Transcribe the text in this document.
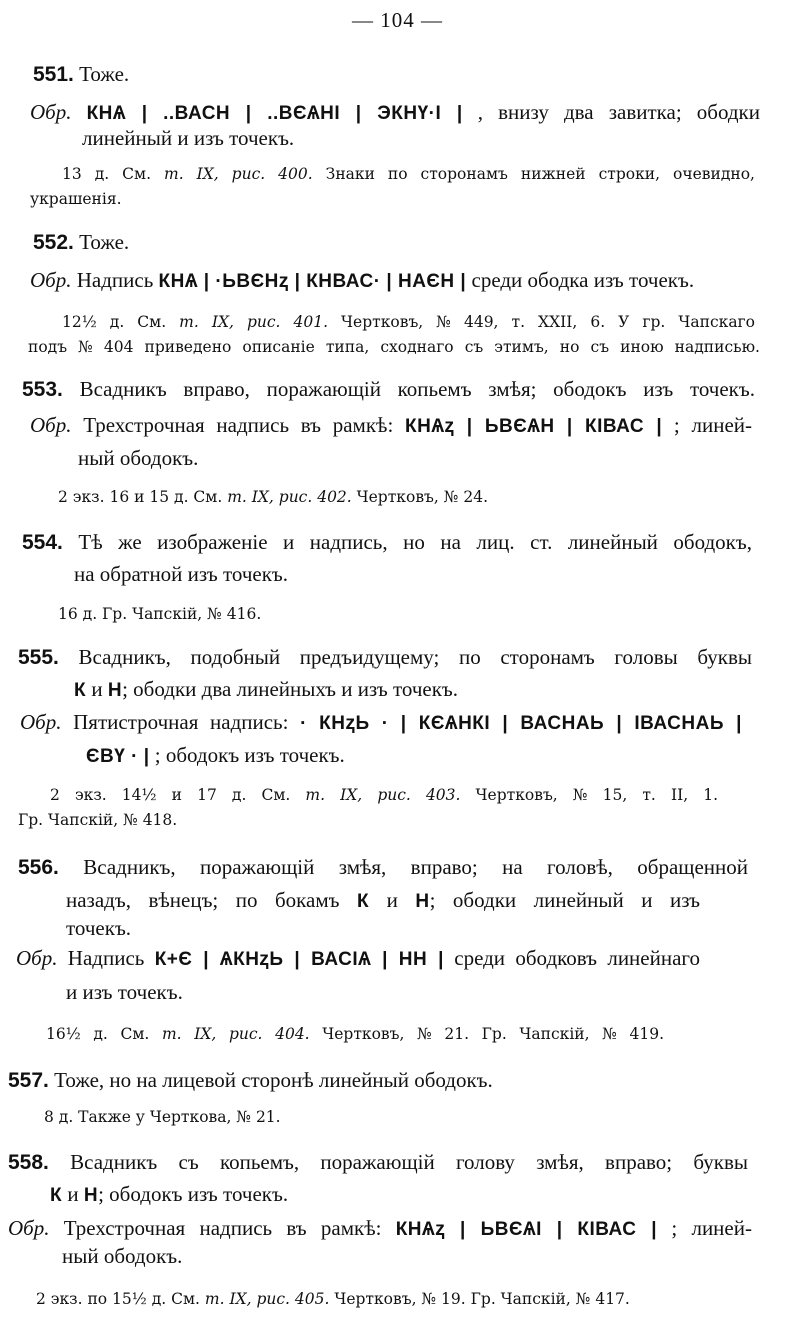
— 104 —
551. Тоже.
Обр. КНѦ | ..ВАСН | ..ВЄѦНІ | ЭКНҮ·І | , внизу два завитка; ободки
линейный и изъ точекъ.
13 д. См. т. IX, рис. 400. Знаки по сторонамъ нижней строки, очевидно,
украшенія.
552. Тоже.
Обр. Надпись КНѦ | ·ЬВЄНⱬ | КНВАС· | НАЄН | среди ободка изъ точекъ.
12½ д. См. т. IX, рис. 401. Чертковъ, № 449, т. XXII, 6. У гр. Чапскаго
подъ № 404 приведено описаніе типа, сходнаго съ этимъ, но съ иною надписью.
553. Всадникъ вправо, поражающій копьемъ змѣя; ободокъ изъ точекъ.
Обр. Трехстрочная надпись въ рамкѣ: КНѦⱬ | ЬВЄѦН | КІВАС | ; линей-
ный ободокъ.
2 экз. 16 и 15 д. См. т. IX, рис. 402. Чертковъ, № 24.
554. Тѣ же изображеніе и надпись, но на лиц. ст. линейный ободокъ,
на обратной изъ точекъ.
16 д. Гр. Чапскій, № 416.
555. Всадникъ, подобный предъидущему; по сторонамъ головы буквы
К и Н; ободки два линейныхъ и изъ точекъ.
Обр. Пятистрочная надпись: · КНⱬЬ · | КЄѦНКІ | ВАСНАЬ | ІВАСНАЬ |
ЄВҮ · | ; ободокъ изъ точекъ.
2 экз. 14½ и 17 д. См. т. IX, рис. 403. Чертковъ, № 15, т. II, 1.
Гр. Чапскій, № 418.
556. Всадникъ, поражающій змѣя, вправо; на головѣ, обращенной
назадъ, вѣнецъ; по бокамъ К и Н; ободки линейный и изъ
точекъ.
Обр. Надпись К+Є | ѦКНⱬЬ | ВАСІѦ | НН | среди ободковъ линейнаго
и изъ точекъ.
16½ д. См. т. IX, рис. 404. Чертковъ, № 21. Гр. Чапскій, № 419.
557. Тоже, но на лицевой сторонѣ линейный ободокъ.
8 д. Также у Черткова, № 21.
558. Всадникъ съ копьемъ, поражающій голову змѣя, вправо; буквы
К и Н; ободокъ изъ точекъ.
Обр. Трехстрочная надпись въ рамкѣ: КНѦⱬ | ЬВЄѦІ | КІВАС | ; линей-
ный ободокъ.
2 экз. по 15½ д. См. т. IX, рис. 405. Чертковъ, № 19. Гр. Чапскій, № 417.
